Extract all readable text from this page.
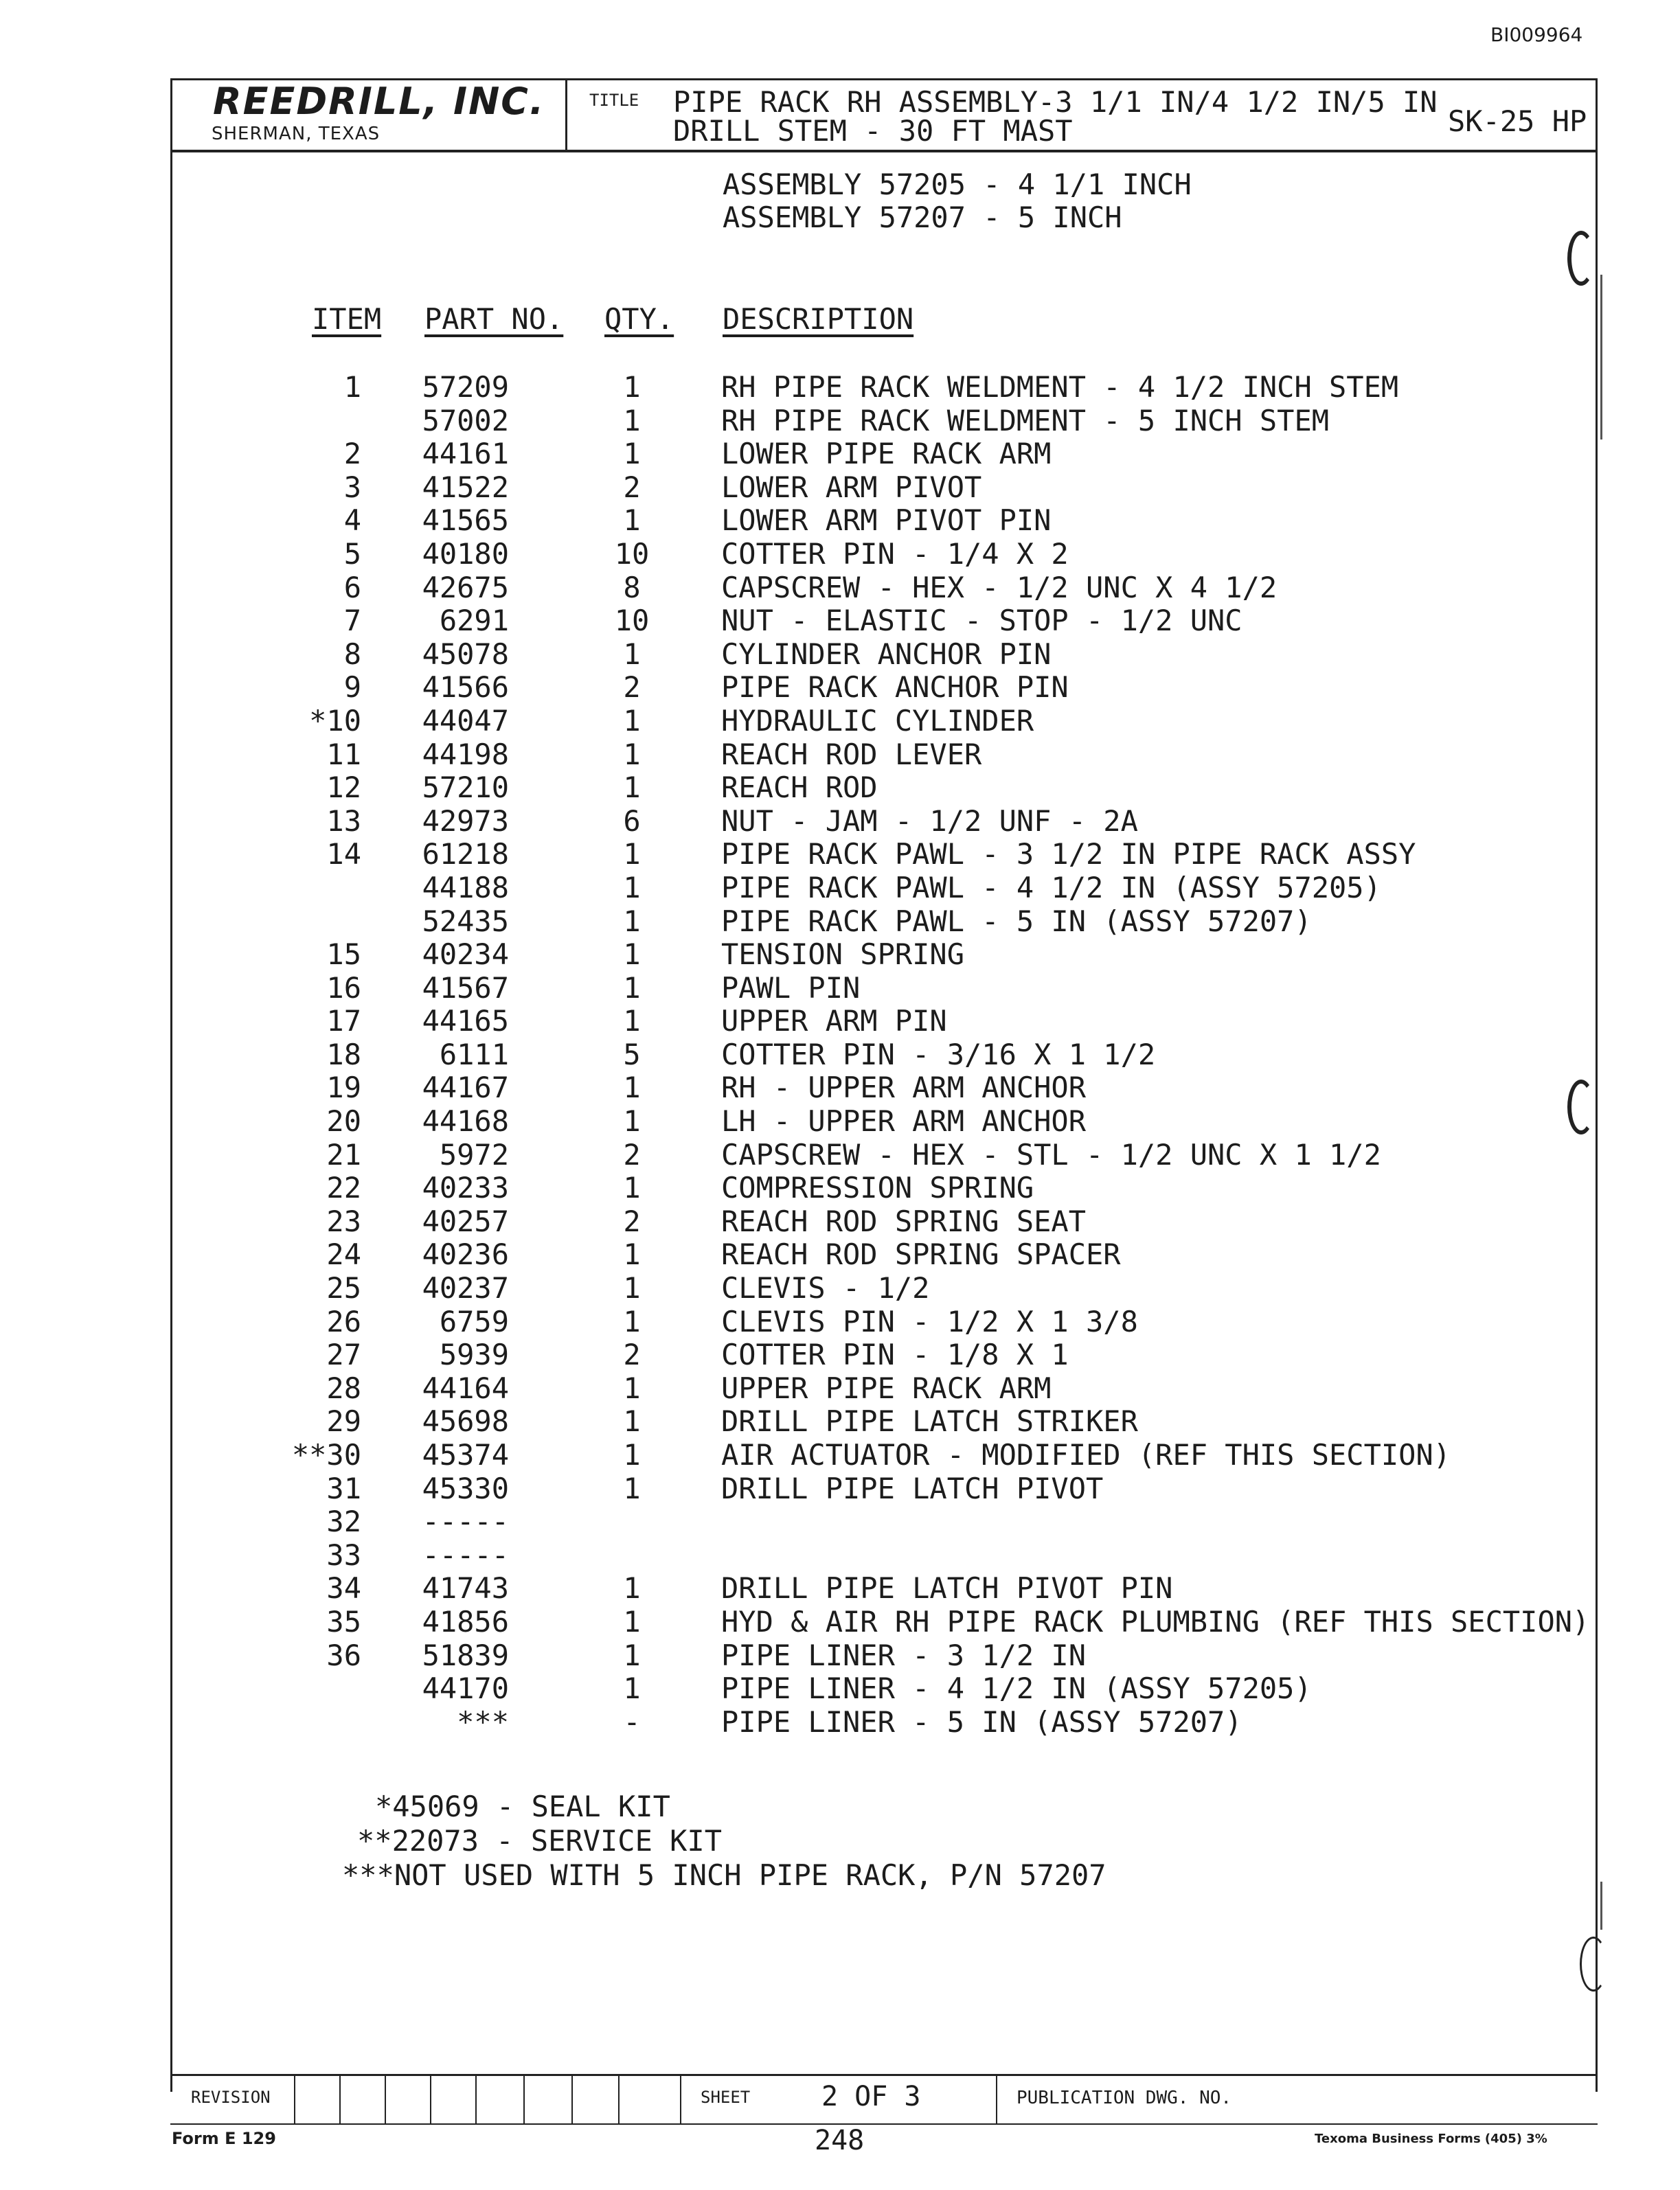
BI009964
REEDRILL, INC.
SHERMAN, TEXAS
TITLE PIPE RACK RH ASSEMBLY-3 1/1 IN/4 1/2 IN/5 IN
DRILL STEM - 30 FT MAST	SK-25 HP
ASSEMBLY 57205 - 4 1/1 INCH
ASSEMBLY 57207 - 5 INCH
ITEM PART NO. QTY. DESCRIPTION
1 57209	1	RH PIPE RACK WELDMENT - 4 1/2 INCH STEM
57002	1	RH PIPE RACK WELDMENT - 5 INCH STEM
2 44161	1	LOWER PIPE RACK ARM
3 41522	2	LOWER ARM PIVOT
4 41565	1	LOWER ARM PIVOT PIN
5 40180	10 COTTER PIN - 1/4 X 2
6 42675	8	CAPSCREW - HEX - 1/2 UNC X 4 1/2
7	6291	10 NUT - ELASTIC - STOP - 1/2 UNC
8 45078	1	CYLINDER ANCHOR PIN
9 41566	2	PIPE RACK ANCHOR PIN
*10 44047	1	HYDRAULIC CYLINDER
11 44198	1	REACH ROD LEVER
12 57210	1	REACH ROD
13 42973	6	NUT - JAM - 1/2 UNF - 2A
14 61218	1	PIPE RACK PAWL - 3 1/2 IN PIPE RACK ASSY
44188	1	PIPE RACK PAWL - 4 1/2 IN (ASSY 57205)
52435	1	PIPE RACK PAWL - 5 IN (ASSY 57207)
15 40234	1	TENSION SPRING
16 41567	1	PAWL PIN
17 44165	1	UPPER ARM PIN
18	6111	5	COTTER PIN - 3/16 X 1 1/2
19 44167	1	RH - UPPER ARM ANCHOR
20 44168	1	LH - UPPER ARM ANCHOR
21	5972	2	CAPSCREW - HEX - STL - 1/2 UNC X 1 1/2
22 40233	1	COMPRESSION SPRING
23 40257	2	REACH ROD SPRING SEAT
24 40236	1	REACH ROD SPRING SPACER
25 40237	1	CLEVIS - 1/2
26	6759	1	CLEVIS PIN - 1/2 X 1 3/8
27	5939	2	COTTER PIN - 1/8 X 1
28 44164	1	UPPER PIPE RACK ARM
29 45698	1	DRILL PIPE LATCH STRIKER
**30 45374	1	AIR ACTUATOR - MODIFIED (REF THIS SECTION)
31 45330	1	DRILL PIPE LATCH PIVOT
32 -----
33 -----
34 41743	1	DRILL PIPE LATCH PIVOT PIN
35 41856	1	HYD & AIR RH PIPE RACK PLUMBING (REF THIS SECTION)
36 51839	1	PIPE LINER - 3 1/2 IN
44170	1	PIPE LINER - 4 1/2 IN (ASSY 57205)
***	-	PIPE LINER - 5 IN (ASSY 57207)
*45069 - SEAL KIT
**22073 - SERVICE KIT
***NOT USED WITH 5 INCH PIPE RACK, P/N 57207
REVISION	SHEET	2 OF 3	PUBLICATION DWG. NO.
Form E 129	248	Texoma Business Forms (405) 3%
